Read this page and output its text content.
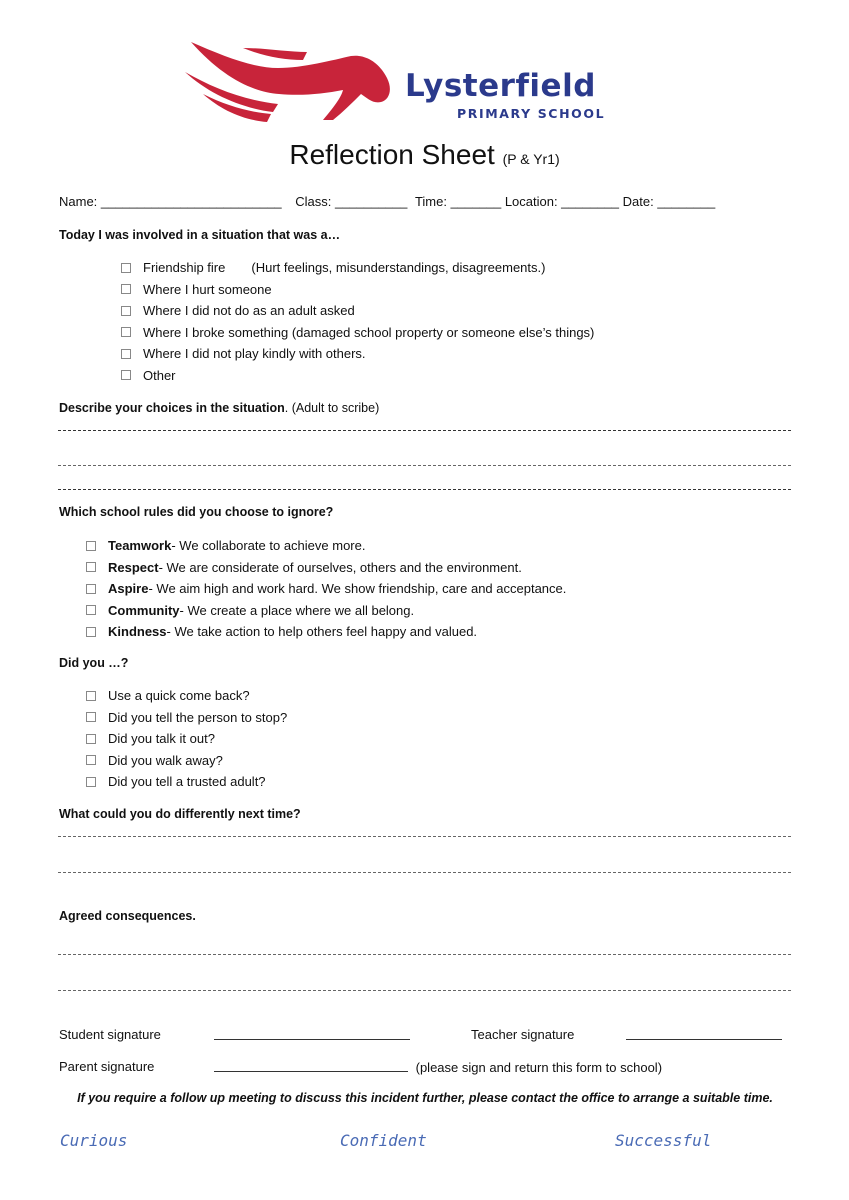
Lysterfield
PRIMARY SCHOOL
Reflection Sheet (P & Yr1)
Name: _________________________ Class: __________ Time: _______ Location: ________ Date: ________
Today I was involved in a situation that was a…
Friendship fire (Hurt feelings, misunderstandings, disagreements.)
Where I hurt someone
Where I did not do as an adult asked
Where I broke something (damaged school property or someone else’s things)
Where I did not play kindly with others.
Other
Describe your choices in the situation. (Adult to scribe)
Which school rules did you choose to ignore?
Teamwork - We collaborate to achieve more.
Respect - We are considerate of ourselves, others and the environment.
Aspire - We aim high and work hard. We show friendship, care and acceptance.
Community - We create a place where we all belong.
Kindness - We take action to help others feel happy and valued.
Did you …?
Use a quick come back?
Did you tell the person to stop?
Did you talk it out?
Did you walk away?
Did you tell a trusted adult?
What could you do differently next time?
Agreed consequences.
Student signature	Teacher signature
Parent signature	(please sign and return this form to school)
If you require a follow up meeting to discuss this incident further, please contact the office to arrange a suitable time.
Curious	Confident	Successful
